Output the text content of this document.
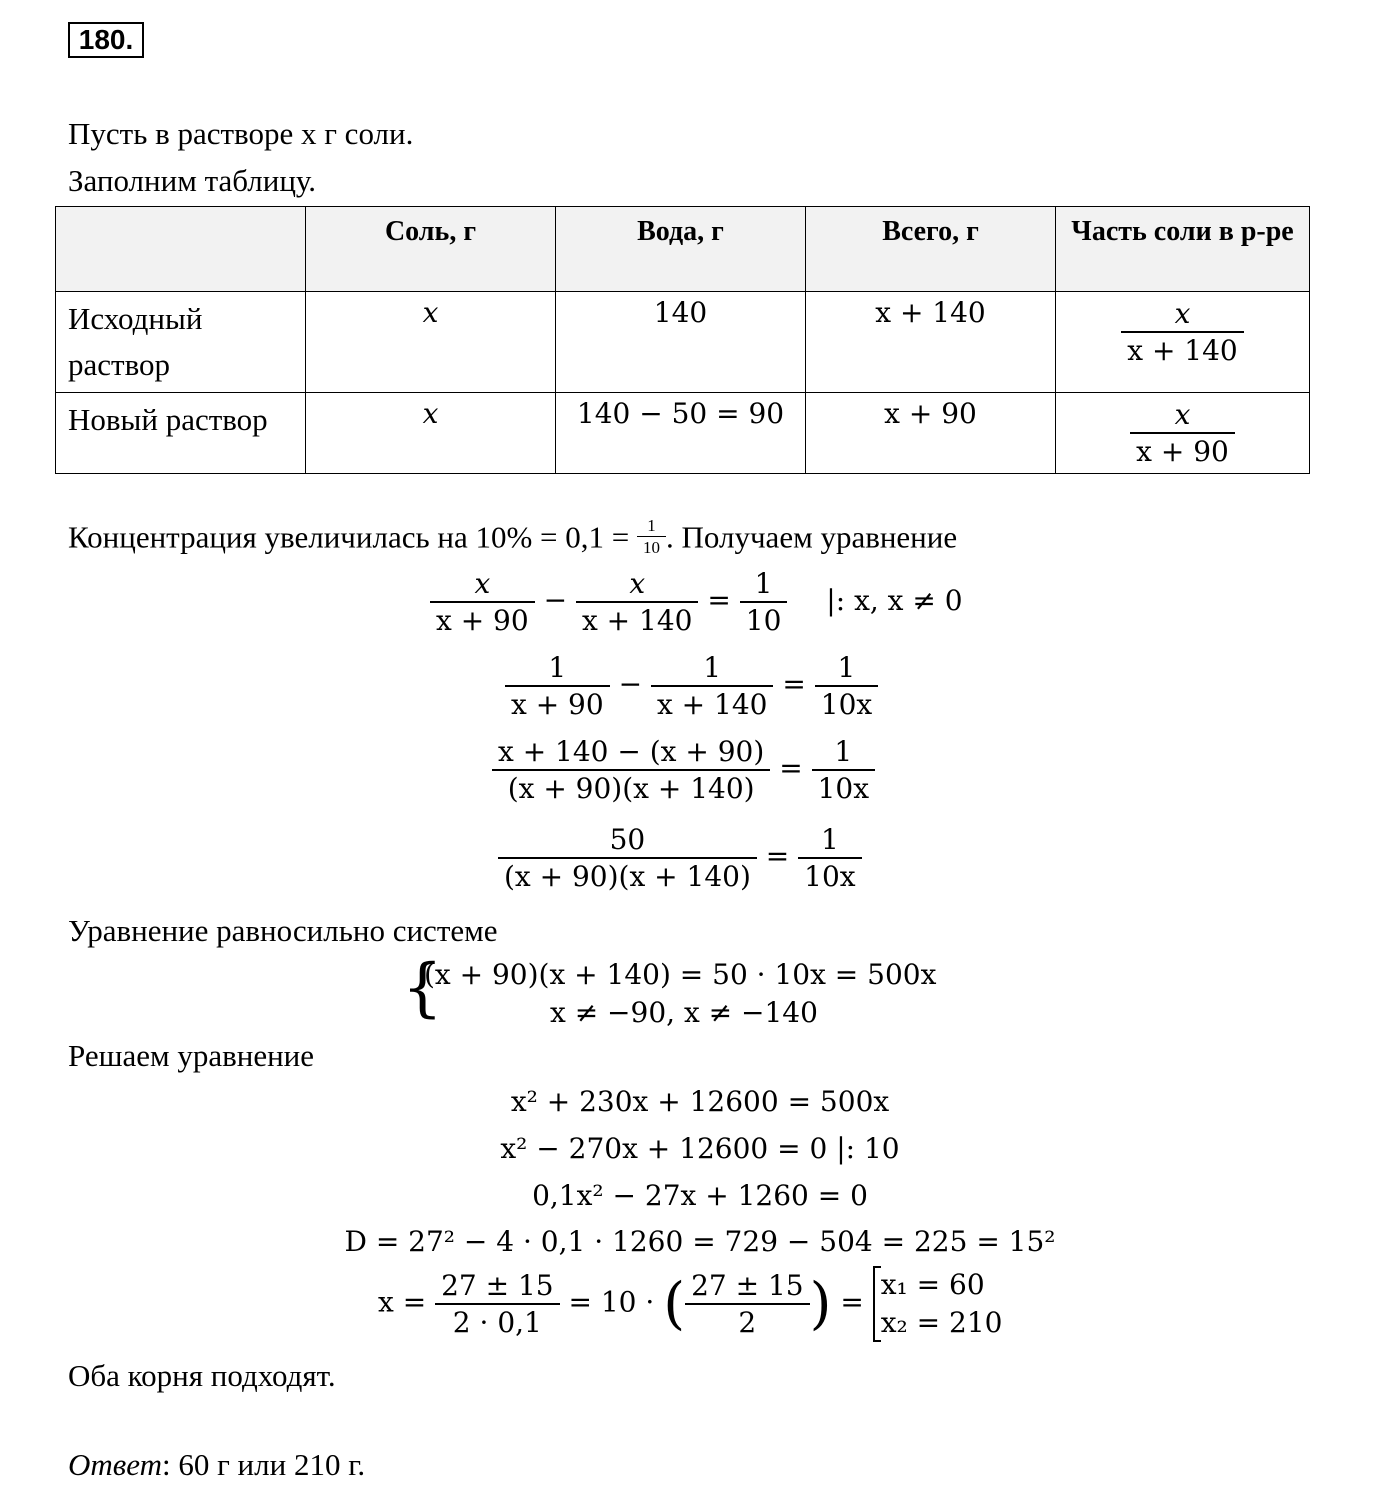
180.
Пусть в растворе x г соли.
Заполним таблицу.
	Соль, г	Вода, г	Всего, г	Часть соли в р-ре
Исходный раствор	x	140	x + 140	$\frac{x}{x + 140}$

Новый раствор	x	140 − 50 = 90	x + 90	$\frac{x}{x + 90}$
Концентрация увеличилась на $10\% = 0,1 = \frac{1}{10}$ . Получаем уравнение
$\frac{x}{x + 90} - \frac{x}{x + 140} = \frac{1}{10}$ |: x, x ≠ 0
$\frac{1}{x + 90} - \frac{1}{x + 140} = \frac{1}{10x}$
$\frac{x + 140 - (x + 90)}{(x + 90)(x + 140)} = \frac{1}{10x}$
$\frac{50}{(x + 90)(x + 140)} = \frac{1}{10x}$
Уравнение равносильно системе
{
(x + 90)(x + 140) = 50 · 10x = 500x
x ≠ −90, x ≠ −140
Решаем уравнение
x² + 230x + 12600 = 500x
x² − 270x + 12600 = 0 |: 10
0,1x² − 27x + 1260 = 0
D = 27² − 4 · 0,1 · 1260 = 729 − 504 = 225 = 15²
$x = \frac{27 \pm 15}{2 \cdot 0,1} = 10$ · ( $\frac{27 \pm 15}{2}$ ) =
x₁ = 60
x₂ = 210
Оба корня подходят.
Ответ: 60 г или 210 г.
